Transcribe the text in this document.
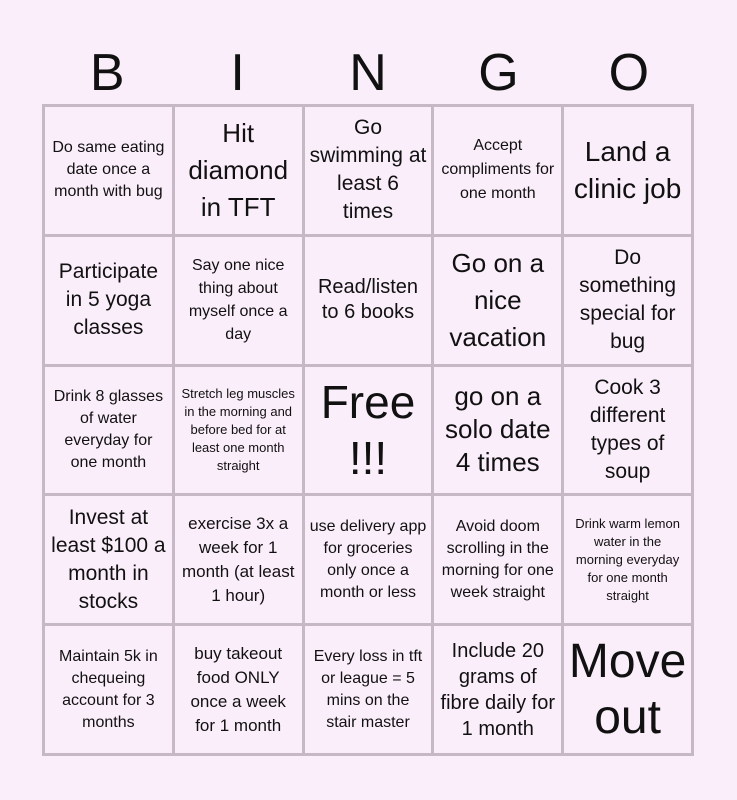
B	I	N	G	O
Do same eating date once a month with bug
Hit diamond in TFT
Go swimming at least 6 times
Accept compliments for one month
Land a clinic job
Participate in 5 yoga classes
Say one nice thing about myself once a day
Read/listen to 6 books
Go on a nice vacation
Do something special for bug
Drink 8 glasses of water everyday for one month
Stretch leg muscles in the morning and before bed for at least one month straight
Free !!!
go on a solo date 4 times
Cook 3 different types of soup
Invest at least $100 a month in stocks
exercise 3x a week for 1 month (at least 1 hour)
use delivery app for groceries only once a month or less
Avoid doom scrolling in the morning for one week straight
Drink warm lemon water in the morning everyday for one month straight
Maintain 5k in chequeing account for 3 months
buy takeout food ONLY once a week for 1 month
Every loss in tft or league = 5 mins on the stair master
Include 20 grams of fibre daily for 1 month
Move out
